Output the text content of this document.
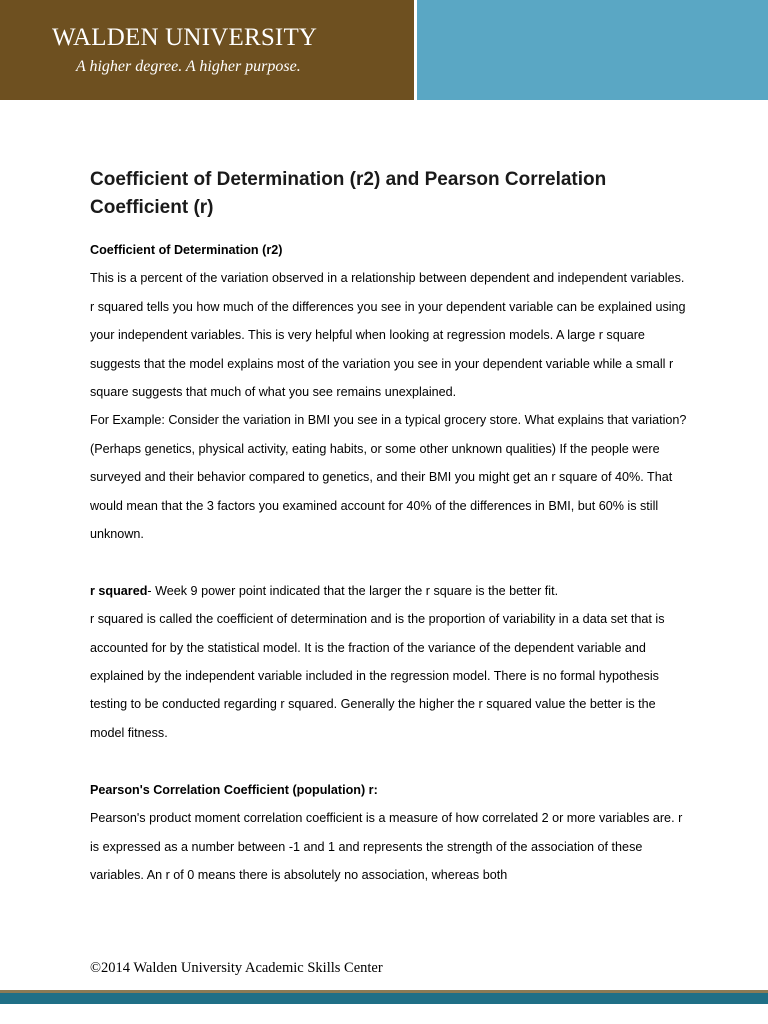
WALDEN UNIVERSITY
A higher degree. A higher purpose.
Coefficient of Determination (r2) and Pearson Correlation Coefficient (r)

Coefficient of Determination (r2)

This is a percent of the variation observed in a relationship between dependent and independent variables. r squared tells you how much of the differences you see in your dependent variable can be explained using your independent variables. This is very helpful when looking at regression models. A large r square suggests that the model explains most of the variation you see in your dependent variable while a small r square suggests that much of what you see remains unexplained.

For Example: Consider the variation in BMI you see in a typical grocery store. What explains that variation? (Perhaps genetics, physical activity, eating habits, or some other unknown qualities) If the people were surveyed and their behavior compared to genetics, and their BMI you might get an r square of 40%. That would mean that the 3 factors you examined account for 40% of the differences in BMI, but 60% is still unknown.

r squared- Week 9 power point indicated that the larger the r square is the better fit.

r squared is called the coefficient of determination and is the proportion of variability in a data set that is accounted for by the statistical model. It is the fraction of the variance of the dependent variable and explained by the independent variable included in the regression model. There is no formal hypothesis testing to be conducted regarding r squared. Generally the higher the r squared value the better is the model fitness.

Pearson's Correlation Coefficient (population) r:

Pearson's product moment correlation coefficient is a measure of how correlated 2 or more variables are. r is expressed as a number between -1 and 1 and represents the strength of the association of these variables. An r of 0 means there is absolutely no association, whereas both

©2014 Walden University Academic Skills Center
